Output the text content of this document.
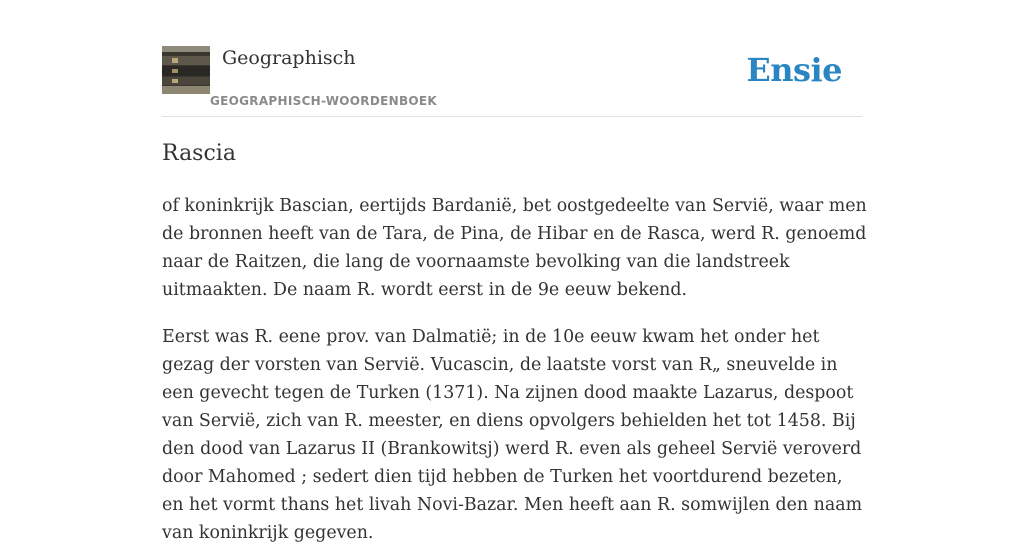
Geographisch
GEOGRAPHISCH-WOORDENBOEK
Ensie
Rascia

of koninkrijk Bascian, eertijds Bardanië, bet oostgedeelte van Servië, waar men de bronnen heeft van de Tara, de Pina, de Hibar en de Rasca, werd R. genoemd naar de Raitzen, die lang de voornaamste bevolking van die landstreek uitmaakten. De naam R. wordt eerst in de 9e eeuw bekend.

Eerst was R. eene prov. van Dalmatië; in de 10e eeuw kwam het onder het gezag der vorsten van Servië. Vucascin, de laatste vorst van R„ sneuvelde in een gevecht tegen de Turken (1371). Na zijnen dood maakte Lazarus, despoot van Servië, zich van R. meester, en diens opvolgers behielden het tot 1458. Bij den dood van Lazarus II (Brankowitsj) werd R. even als geheel Servië veroverd door Mahomed ; sedert dien tijd hebben de Turken het voortdurend bezeten, en het vormt thans het livah Novi-Bazar. Men heeft aan R. somwijlen den naam van koninkrijk gegeven.
